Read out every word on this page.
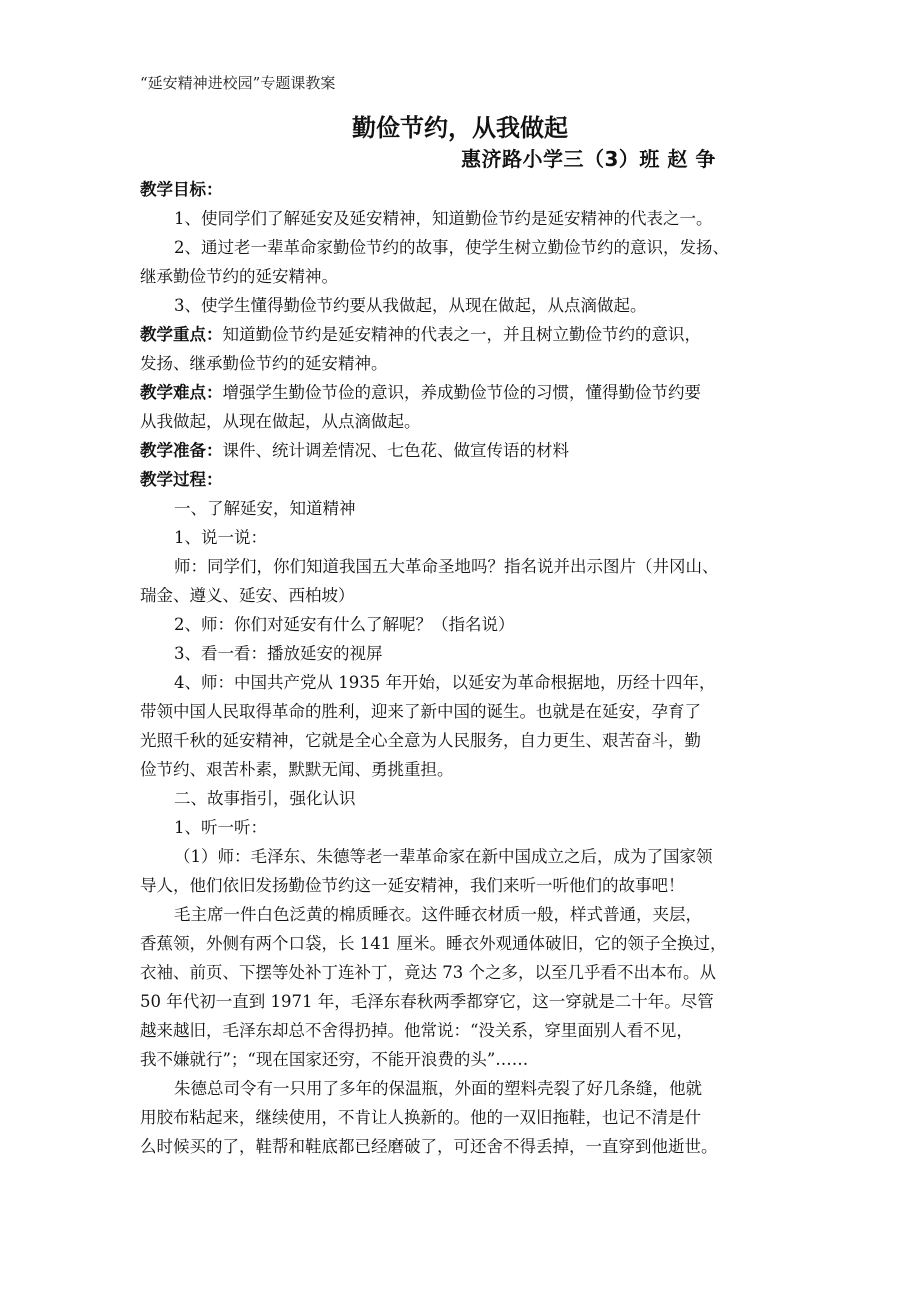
“延安精神进校园”专题课教案
勤俭节约，从我做起
惠济路小学三（3）班 赵 争
教学目标：
1、使同学们了解延安及延安精神，知道勤俭节约是延安精神的代表之一。
2、通过老一辈革命家勤俭节约的故事，使学生树立勤俭节约的意识，发扬、
继承勤俭节约的延安精神。
3、使学生懂得勤俭节约要从我做起，从现在做起，从点滴做起。
教学重点：知道勤俭节约是延安精神的代表之一，并且树立勤俭节约的意识，
发扬、继承勤俭节约的延安精神。
教学难点：增强学生勤俭节俭的意识，养成勤俭节俭的习惯，懂得勤俭节约要
从我做起，从现在做起，从点滴做起。
教学准备：课件、统计调差情况、七色花、做宣传语的材料
教学过程：
一、了解延安，知道精神
1、说一说：
师：同学们，你们知道我国五大革命圣地吗？指名说并出示图片（井冈山、
瑞金、遵义、延安、西柏坡）
2、师：你们对延安有什么了解呢？（指名说）
3、看一看：播放延安的视屏
4、师：中国共产党从 1935 年开始，以延安为革命根据地，历经十四年，
带领中国人民取得革命的胜利，迎来了新中国的诞生。也就是在延安，孕育了
光照千秋的延安精神，它就是全心全意为人民服务，自力更生、艰苦奋斗，勤
俭节约、艰苦朴素，默默无闻、勇挑重担。
二、故事指引，强化认识
1、听一听：
（1）师：毛泽东、朱德等老一辈革命家在新中国成立之后，成为了国家领
导人，他们依旧发扬勤俭节约这一延安精神，我们来听一听他们的故事吧！
毛主席一件白色泛黄的棉质睡衣。这件睡衣材质一般，样式普通，夹层，
香蕉领，外侧有两个口袋，长 141 厘米。睡衣外观通体破旧，它的领子全换过，
衣袖、前页、下摆等处补丁连补丁，竟达 73 个之多，以至几乎看不出本布。从
50 年代初一直到 1971 年，毛泽东春秋两季都穿它，这一穿就是二十年。尽管
越来越旧，毛泽东却总不舍得扔掉。他常说：“没关系，穿里面别人看不见，
我不嫌就行”；“现在国家还穷，不能开浪费的头”……
朱德总司令有一只用了多年的保温瓶，外面的塑料壳裂了好几条缝，他就
用胶布粘起来，继续使用，不肯让人换新的。他的一双旧拖鞋，也记不清是什
么时候买的了，鞋帮和鞋底都已经磨破了，可还舍不得丢掉，一直穿到他逝世。
